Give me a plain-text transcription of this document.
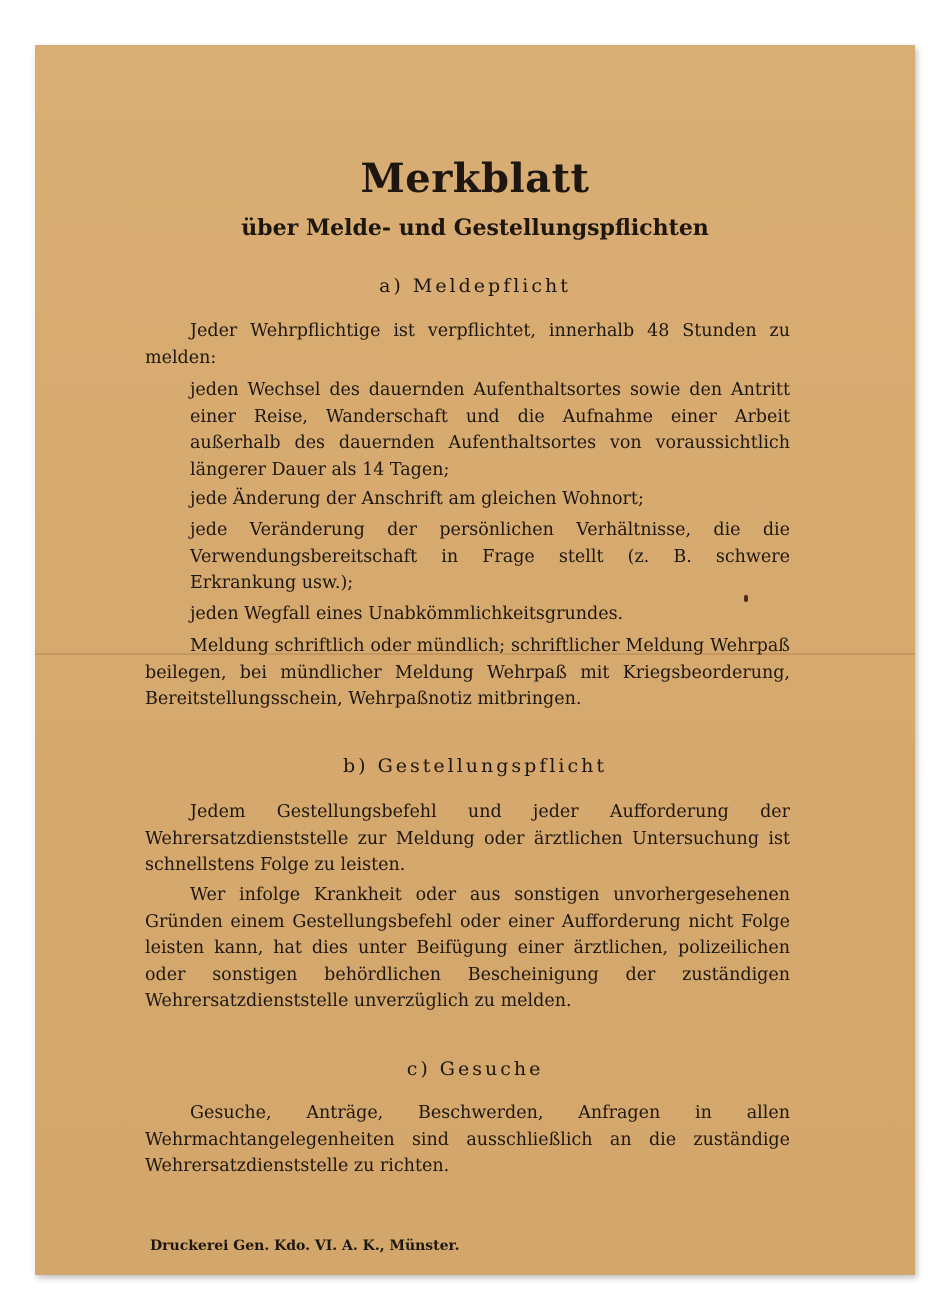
Merkblatt
über Melde- und Gestellungspflichten
a) Meldepflicht
Jeder Wehrpflichtige ist verpflichtet, innerhalb 48 Stunden zu melden:
jeden Wechsel des dauernden Aufenthaltsortes sowie den Antritt einer Reise, Wanderschaft und die Aufnahme einer Arbeit außerhalb des dauernden Aufenthaltsortes von voraussichtlich längerer Dauer als 14 Tagen;
jede Änderung der Anschrift am gleichen Wohnort;
jede Veränderung der persönlichen Verhältnisse, die die Verwendungsbereitschaft in Frage stellt (z. B. schwere Erkrankung usw.);
jeden Wegfall eines Unabkömmlichkeitsgrundes.
Meldung schriftlich oder mündlich; schriftlicher Meldung Wehrpaß beilegen, bei mündlicher Meldung Wehrpaß mit Kriegsbeorderung, Bereitstellungsschein, Wehrpaßnotiz mitbringen.
b) Gestellungspflicht
Jedem Gestellungsbefehl und jeder Aufforderung der Wehrersatzdienststelle zur Meldung oder ärztlichen Untersuchung ist schnellstens Folge zu leisten.
Wer infolge Krankheit oder aus sonstigen unvorhergesehenen Gründen einem Gestellungsbefehl oder einer Aufforderung nicht Folge leisten kann, hat dies unter Beifügung einer ärztlichen, polizeilichen oder sonstigen behördlichen Bescheinigung der zuständigen Wehrersatzdienststelle unverzüglich zu melden.
c) Gesuche
Gesuche, Anträge, Beschwerden, Anfragen in allen Wehrmachtangelegenheiten sind ausschließlich an die zuständige Wehrersatzdienststelle zu richten.
Druckerei Gen. Kdo. VI. A. K., Münster.
